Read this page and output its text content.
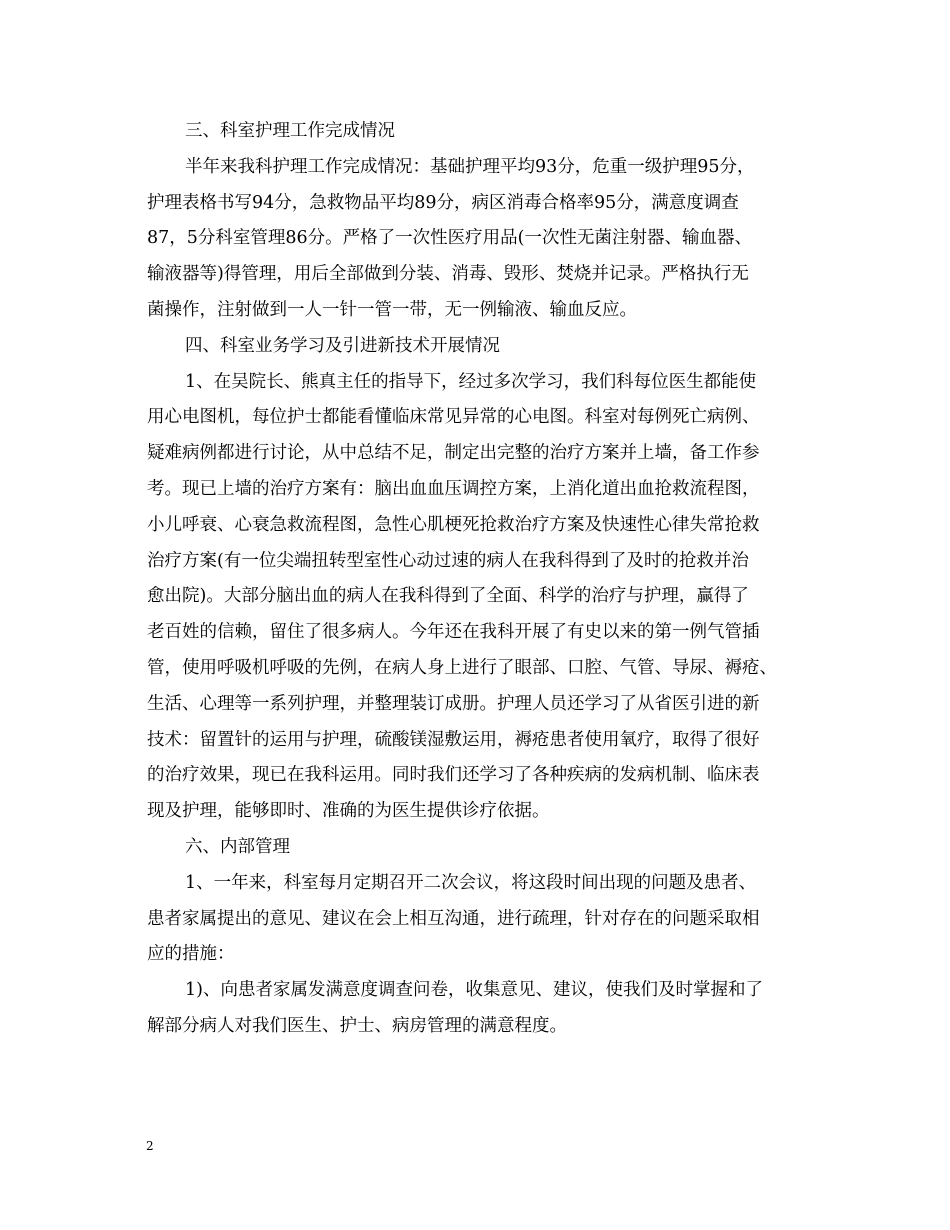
三、科室护理工作完成情况
半年来我科护理工作完成情况：基础护理平均93分，危重一级护理95分，
护理表格书写94分，急救物品平均89分，病区消毒合格率95分，满意度调查
87，5分科室管理86分。严格了一次性医疗用品(一次性无菌注射器、输血器、
输液器等)得管理，用后全部做到分装、消毒、毁形、焚烧并记录。严格执行无
菌操作，注射做到一人一针一管一带，无一例输液、输血反应。
四、科室业务学习及引进新技术开展情况
1、在吴院长、熊真主任的指导下，经过多次学习，我们科每位医生都能使
用心电图机，每位护士都能看懂临床常见异常的心电图。科室对每例死亡病例、
疑难病例都进行讨论，从中总结不足，制定出完整的治疗方案并上墙，备工作参
考。现已上墙的治疗方案有：脑出血血压调控方案，上消化道出血抢救流程图，
小儿呼衰、心衰急救流程图，急性心肌梗死抢救治疗方案及快速性心律失常抢救
治疗方案(有一位尖端扭转型室性心动过速的病人在我科得到了及时的抢救并治
愈出院)。大部分脑出血的病人在我科得到了全面、科学的治疗与护理，赢得了
老百姓的信赖，留住了很多病人。今年还在我科开展了有史以来的第一例气管插
管，使用呼吸机呼吸的先例，在病人身上进行了眼部、口腔、气管、导尿、褥疮、
生活、心理等一系列护理，并整理装订成册。护理人员还学习了从省医引进的新
技术：留置针的运用与护理，硫酸镁湿敷运用，褥疮患者使用氧疗，取得了很好
的治疗效果，现已在我科运用。同时我们还学习了各种疾病的发病机制、临床表
现及护理，能够即时、准确的为医生提供诊疗依据。
六、内部管理
1、一年来，科室每月定期召开二次会议，将这段时间出现的问题及患者、
患者家属提出的意见、建议在会上相互沟通，进行疏理，针对存在的问题采取相
应的措施：
1)、向患者家属发满意度调查问卷，收集意见、建议，使我们及时掌握和了
解部分病人对我们医生、护士、病房管理的满意程度。
2
